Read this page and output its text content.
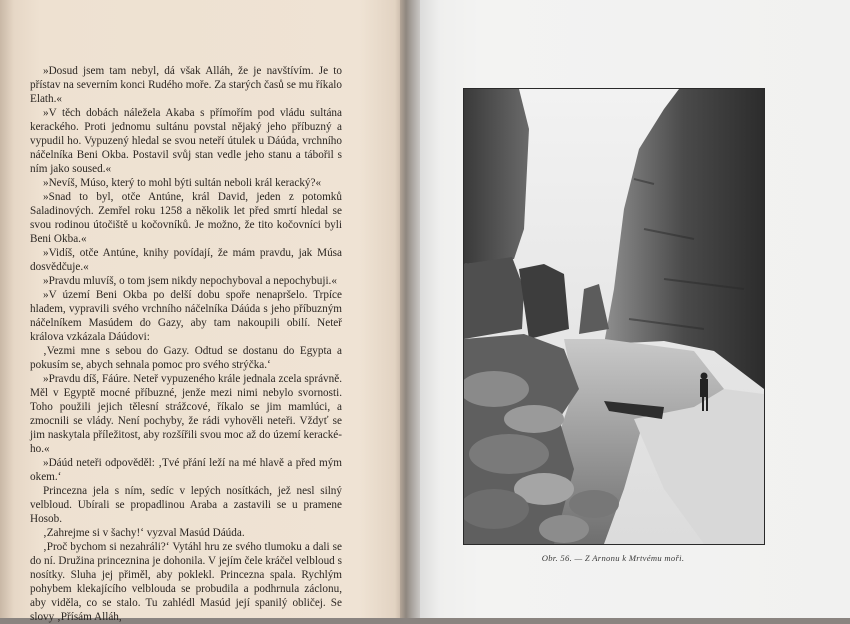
»Dosud jsem tam nebyl, dá však Alláh, že je navštívím. Je to přístav na severním konci Rudého moře. Za starých časů se mu říkalo Elath.«

»V těch dobách náležela Akaba s přímořím pod vládu sultána kerackého. Proti jednomu sultánu povstal nějaký jeho příbuzný a vypudil ho. Vypuzený hledal se svou neteří útulek u Dáúda, vrchního náčelníka Beni Okba. Postavil svůj stan vedle jeho stanu a tábořil s ním jako soused.«

»Nevíš, Músо, který to mohl býti sultán neboli král keracký?«

»Snad to byl, otče Antúne, král David, jeden z potomků Saladinových. Zemřel roku 1258 a několik let před smrtí hledal se svou rodinou útočiště u kočovníků. Je možno, že tito kočovníci byli Beni Okba.«

»Vidíš, otče Antúne, knihy povídají, že mám pravdu, jak Músa dosvědčuje.«

»Pravdu mluvíš, o tom jsem nikdy nepochyboval a nepochybuji.«

»V území Beni Okba po delší dobu spoře nenapršelo. Trpíce hladem, vypravili svého vrchního náčelníka Dáúda s jeho příbuzným náčelníkem Masúdem do Gazy, aby tam nakoupili obilí. Neteř králova vzkázala Dáúdovi:

‚Vezmi mne s sebou do Gazy. Odtud se dostanu do Egypta a pokusím se, abych sehnala pomoc pro svého strýčka.‘

»Pravdu díš, Fáúre. Neteř vypuzeného krále jednala zcela správně. Měl v Egyptě mocné příbuzné, jenže mezi nimi nebylo svornosti. Toho použili jejich tělesní strážcové, říkalo se jim mamlúci, a zmocnili se vlády. Není pochyby, že rádi vyhověli neteři. Vždyť se jim naskytala příležitost, aby rozšířili svou moc až do území kerackého.«

»Dáúd neteři odpověděl: ‚Tvé přání leží na mé hlavě a před mým okem.‘

Princezna jela s ním, sedíc v lepých nosítkách, jež nesl silný velbloud. Ubírali se propadlinou Araba a zastavili se u pramene Hosob.

‚Zahrejme si v šachy!‘ vyzval Masúd Dáúda.

‚Proč bychom si nezahráli?‘ Vytáhl hru ze svého tlumoku a dali se do ní. Družina princeznina je dohonila. V jejím čele kráčel velbloud s nosítky. Sluha jej přiměl, aby poklekl. Princezna spala. Rychlým pohybem klekajícího velblouda se probudila a podhrnula záclonu, aby viděla, co se stalo. Tu zahlédl Masúd její spanilý obličej. Se slovy ‚Přísám Alláh,

Obr. 56. — Z Arnonu k Mrtvému moři.
